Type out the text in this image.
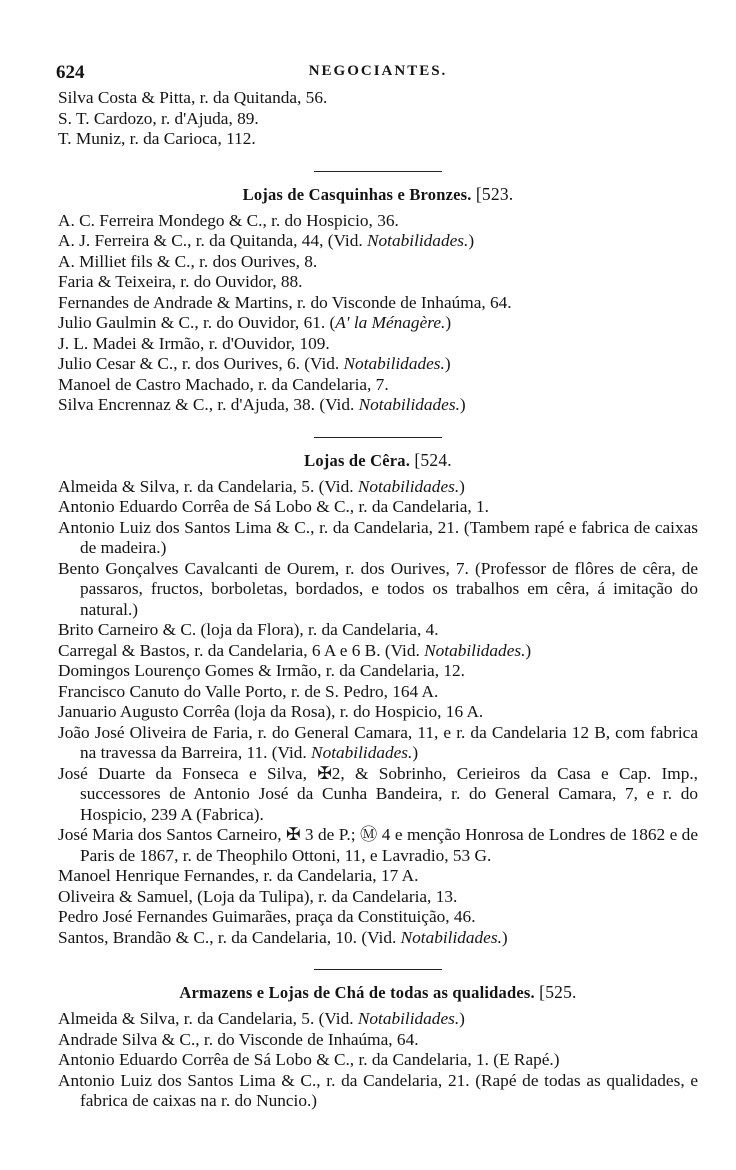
624	NEGOCIANTES.
Silva Costa & Pitta, r. da Quitanda, 56.
S. T. Cardozo, r. d'Ajuda, 89.
T. Muniz, r. da Carioca, 112.
Lojas de Casquinhas e Bronzes. [523.
A. C. Ferreira Mondego & C., r. do Hospicio, 36.
A. J. Ferreira & C., r. da Quitanda, 44, (Vid. Notabilidades.)
A. Milliet fils & C., r. dos Ourives, 8.
Faria & Teixeira, r. do Ouvidor, 88.
Fernandes de Andrade & Martins, r. do Visconde de Inhaúma, 64.
Julio Gaulmin & C., r. do Ouvidor, 61. (A' la Ménagère.)
J. L. Madei & Irmão, r. d'Ouvidor, 109.
Julio Cesar & C., r. dos Ourives, 6. (Vid. Notabilidades.)
Manoel de Castro Machado, r. da Candelaria, 7.
Silva Encrennaz & C., r. d'Ajuda, 38. (Vid. Notabilidades.)
Lojas de Cêra. [524.
Almeida & Silva, r. da Candelaria, 5. (Vid. Notabilidades.)
Antonio Eduardo Corrêa de Sá Lobo & C., r. da Candelaria, 1.
Antonio Luiz dos Santos Lima & C., r. da Candelaria, 21. (Tambem rapé e fabrica de caixas de madeira.)
Bento Gonçalves Cavalcanti de Ourem, r. dos Ourives, 7. (Professor de flôres de cêra, de passaros, fructos, borboletas, bordados, e todos os trabalhos em cêra, á imitação do natural.)
Brito Carneiro & C. (loja da Flora), r. da Candelaria, 4.
Carregal & Bastos, r. da Candelaria, 6 A e 6 B. (Vid. Notabilidades.)
Domingos Lourenço Gomes & Irmão, r. da Candelaria, 12.
Francisco Canuto do Valle Porto, r. de S. Pedro, 164 A.
Januario Augusto Corrêa (loja da Rosa), r. do Hospicio, 16 A.
João José Oliveira de Faria, r. do General Camara, 11, e r. da Candelaria 12 B, com fabrica na travessa da Barreira, 11. (Vid. Notabilidades.)
José Duarte da Fonseca e Silva, ✠2, & Sobrinho, Cerieiros da Casa e Cap. Imp., successores de Antonio José da Cunha Bandeira, r. do General Camara, 7, e r. do Hospicio, 239 A (Fabrica).
José Maria dos Santos Carneiro, ✠ 3 de P.; Ⓜ 4 e menção Honrosa de Londres de 1862 e de Paris de 1867, r. de Theophilo Ottoni, 11, e Lavradio, 53 G.
Manoel Henrique Fernandes, r. da Candelaria, 17 A.
Oliveira & Samuel, (Loja da Tulipa), r. da Candelaria, 13.
Pedro José Fernandes Guimarães, praça da Constituição, 46.
Santos, Brandão & C., r. da Candelaria, 10. (Vid. Notabilidades.)
Armazens e Lojas de Chá de todas as qualidades. [525.
Almeida & Silva, r. da Candelaria, 5. (Vid. Notabilidades.)
Andrade Silva & C., r. do Visconde de Inhaúma, 64.
Antonio Eduardo Corrêa de Sá Lobo & C., r. da Candelaria, 1. (E Rapé.)
Antonio Luiz dos Santos Lima & C., r. da Candelaria, 21. (Rapé de todas as qualidades, e fabrica de caixas na r. do Nuncio.)
